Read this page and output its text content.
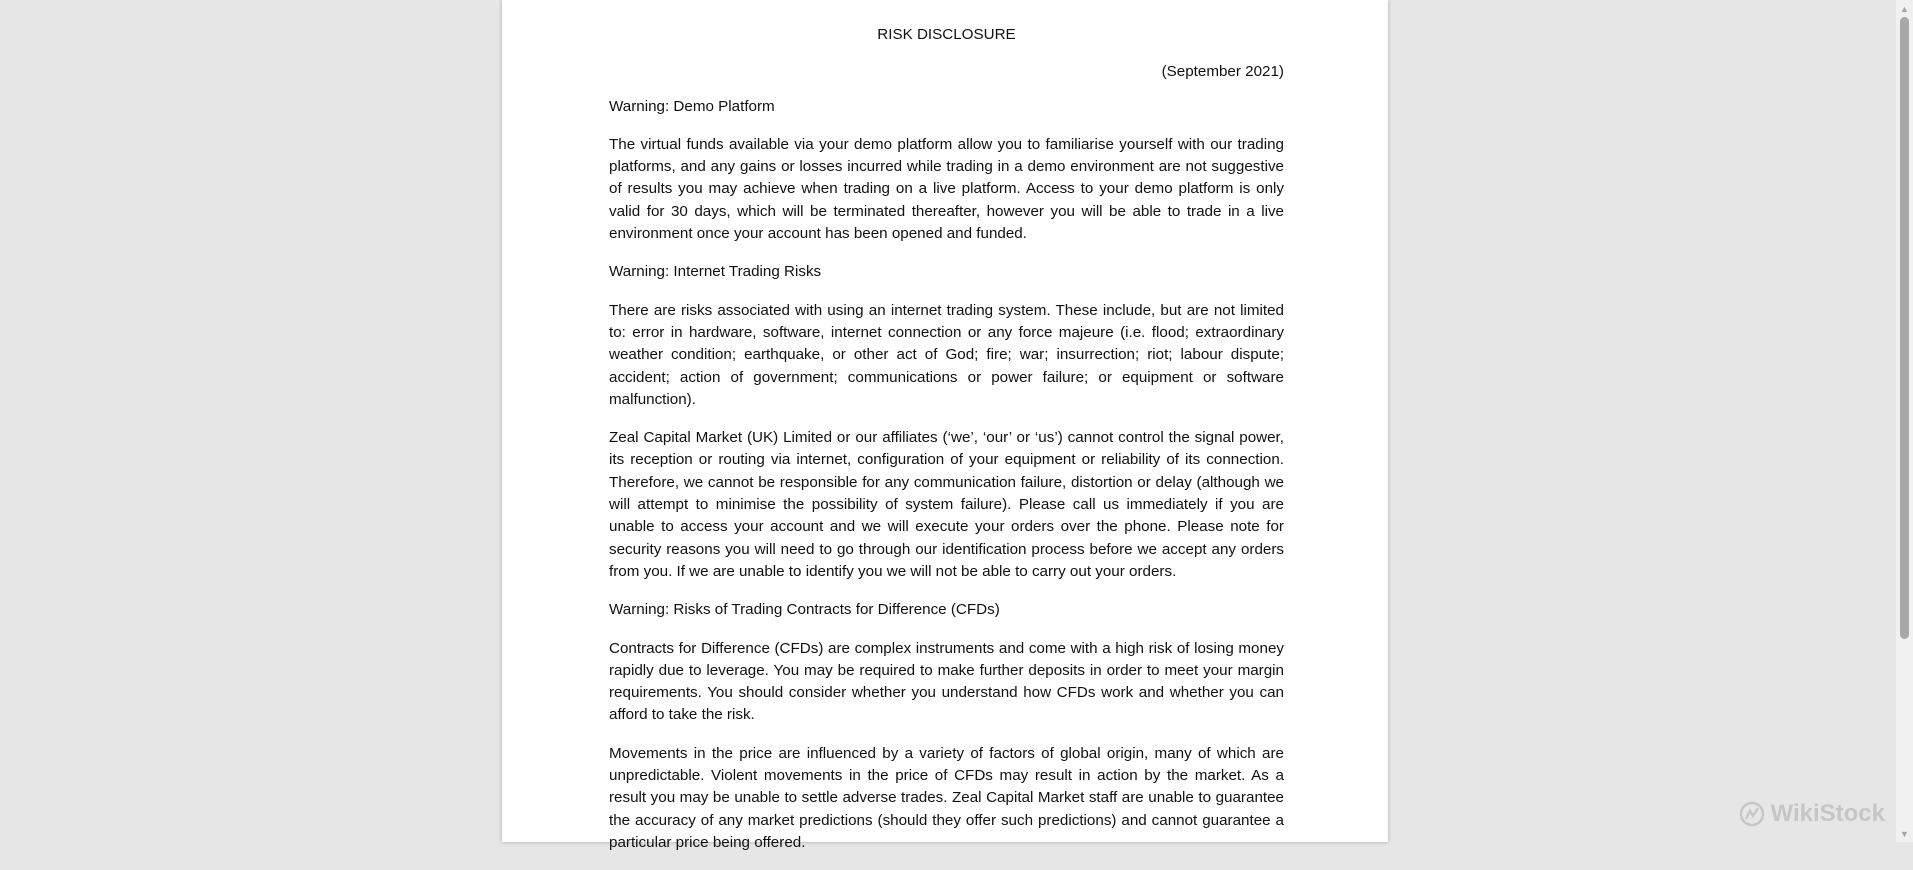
RISK DISCLOSURE
(September 2021)
Warning: Demo Platform
The virtual funds available via your demo platform allow you to familiarise yourself with our trading platforms, and any gains or losses incurred while trading in a demo environment are not suggestive of results you may achieve when trading on a live platform. Access to your demo platform is only valid for 30 days, which will be terminated thereafter, however you will be able to trade in a live environment once your account has been opened and funded.
Warning: Internet Trading Risks
There are risks associated with using an internet trading system. These include, but are not limited to: error in hardware, software, internet connection or any force majeure (i.e. flood; extraordinary weather condition; earthquake, or other act of God; fire; war; insurrection; riot; labour dispute; accident; action of government; communications or power failure; or equipment or software malfunction).
Zeal Capital Market (UK) Limited or our affiliates (‘we’, ‘our’ or ‘us’) cannot control the signal power, its reception or routing via internet, configuration of your equipment or reliability of its connection. Therefore, we cannot be responsible for any communication failure, distortion or delay (although we will attempt to minimise the possibility of system failure). Please call us immediately if you are unable to access your account and we will execute your orders over the phone. Please note for security reasons you will need to go through our identification process before we accept any orders from you. If we are unable to identify you we will not be able to carry out your orders.
Warning: Risks of Trading Contracts for Difference (CFDs)
Contracts for Difference (CFDs) are complex instruments and come with a high risk of losing money rapidly due to leverage. You may be required to make further deposits in order to meet your margin requirements. You should consider whether you understand how CFDs work and whether you can afford to take the risk.
Movements in the price are influenced by a variety of factors of global origin, many of which are unpredictable. Violent movements in the price of CFDs may result in action by the market. As a result you may be unable to settle adverse trades. Zeal Capital Market staff are unable to guarantee the accuracy of any market predictions (should they offer such predictions) and cannot guarantee a particular price being offered.
WikiStock
▲
▼
